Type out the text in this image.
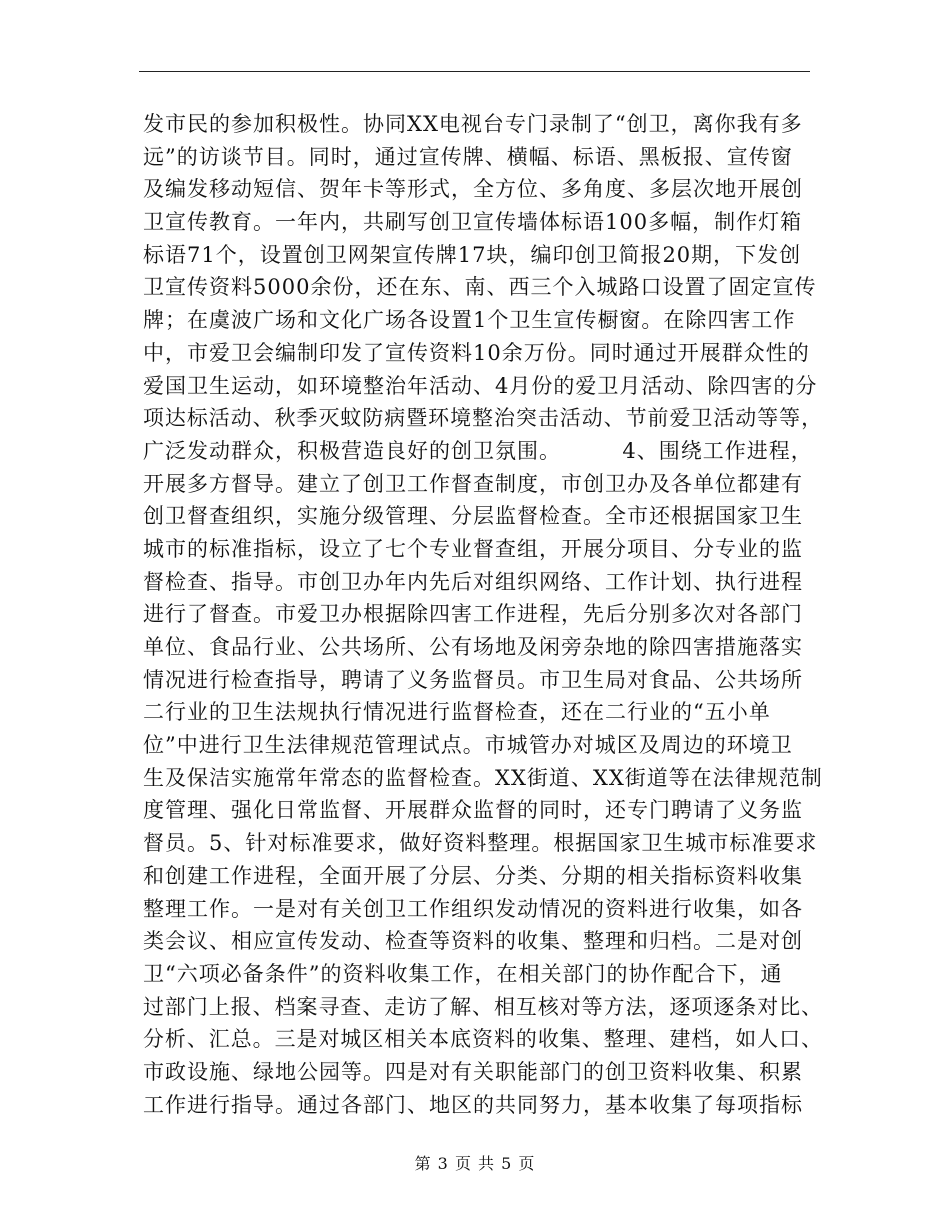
发市民的参加积极性。协同XX电视台专门录制了“创卫，离你我有多
远”的访谈节目。同时，通过宣传牌、横幅、标语、黑板报、宣传窗
及编发移动短信、贺年卡等形式，全方位、多角度、多层次地开展创
卫宣传教育。一年内，共刷写创卫宣传墙体标语100多幅，制作灯箱
标语71个，设置创卫网架宣传牌17块，编印创卫简报20期，下发创
卫宣传资料5000余份，还在东、南、西三个入城路口设置了固定宣传
牌；在虞波广场和文化广场各设置1个卫生宣传橱窗。在除四害工作
中，市爱卫会编制印发了宣传资料10余万份。同时通过开展群众性的
爱国卫生运动，如环境整治年活动、4月份的爱卫月活动、除四害的分
项达标活动、秋季灭蚊防病暨环境整治突击活动、节前爱卫活动等等，
广泛发动群众，积极营造良好的创卫氛围。        4、围绕工作进程，
开展多方督导。建立了创卫工作督查制度，市创卫办及各单位都建有
创卫督查组织，实施分级管理、分层监督检查。全市还根据国家卫生
城市的标准指标，设立了七个专业督查组，开展分项目、分专业的监
督检查、指导。市创卫办年内先后对组织网络、工作计划、执行进程
进行了督查。市爱卫办根据除四害工作进程，先后分别多次对各部门
单位、食品行业、公共场所、公有场地及闲旁杂地的除四害措施落实
情况进行检查指导，聘请了义务监督员。市卫生局对食品、公共场所
二行业的卫生法规执行情况进行监督检查，还在二行业的“五小单
位”中进行卫生法律规范管理试点。市城管办对城区及周边的环境卫
生及保洁实施常年常态的监督检查。XX街道、XX街道等在法律规范制
度管理、强化日常监督、开展群众监督的同时，还专门聘请了义务监
督员。5、针对标准要求，做好资料整理。根据国家卫生城市标准要求
和创建工作进程，全面开展了分层、分类、分期的相关指标资料收集
整理工作。一是对有关创卫工作组织发动情况的资料进行收集，如各
类会议、相应宣传发动、检查等资料的收集、整理和归档。二是对创
卫“六项必备条件”的资料收集工作，在相关部门的协作配合下，通
过部门上报、档案寻查、走访了解、相互核对等方法，逐项逐条对比、
分析、汇总。三是对城区相关本底资料的收集、整理、建档，如人口、
市政设施、绿地公园等。四是对有关职能部门的创卫资料收集、积累
工作进行指导。通过各部门、地区的共同努力，基本收集了每项指标
第 3 页 共 5 页
